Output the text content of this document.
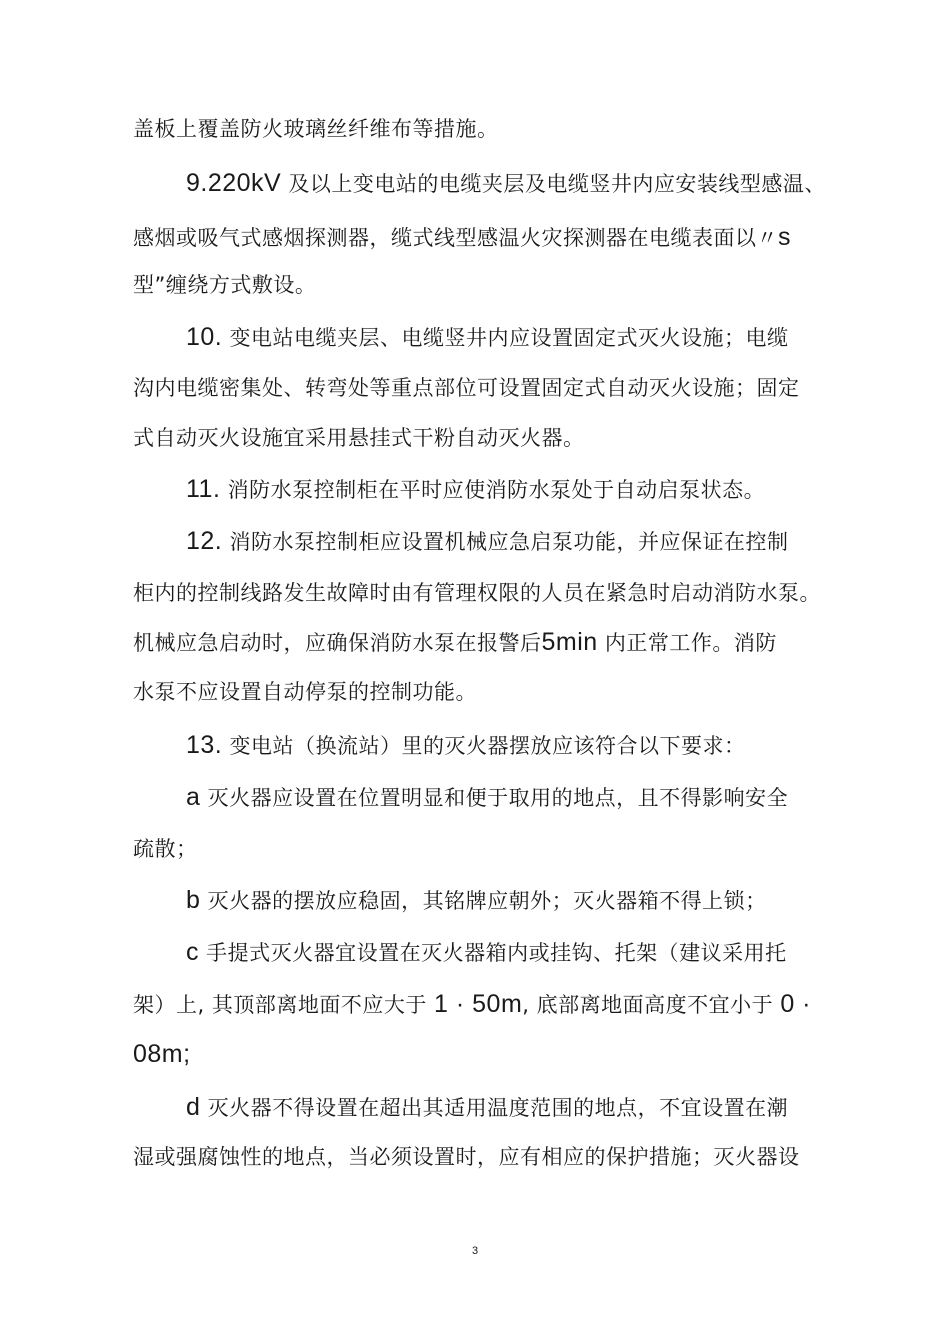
盖板上覆盖防火玻璃丝纤维布等措施。
9.220kV 及以上变电站的电缆夹层及电缆竖井内应安装线型感温、
感烟或吸气式感烟探测器，缆式线型感温火灾探测器在电缆表面以〃s
型”缠绕方式敷设。
10. 变电站电缆夹层、电缆竖井内应设置固定式灭火设施；电缆
沟内电缆密集处、转弯处等重点部位可设置固定式自动灭火设施；固定
式自动灭火设施宜采用悬挂式干粉自动灭火器。
11. 消防水泵控制柜在平时应使消防水泵处于自动启泵状态。
12. 消防水泵控制柜应设置机械应急启泵功能，并应保证在控制
柜内的控制线路发生故障时由有管理权限的人员在紧急时启动消防水泵。
机械应急启动时，应确保消防水泵在报警后5min 内正常工作。消防
水泵不应设置自动停泵的控制功能。
13. 变电站（换流站）里的灭火器摆放应该符合以下要求：
a 灭火器应设置在位置明显和便于取用的地点，且不得影响安全
疏散；
b 灭火器的摆放应稳固，其铭牌应朝外；灭火器箱不得上锁；
c 手提式灭火器宜设置在灭火器箱内或挂钩、托架（建议采用托
架）上, 其顶部离地面不应大于 1 · 50m, 底部离地面高度不宜小于 0 ·
08m;
d 灭火器不得设置在超出其适用温度范围的地点，不宜设置在潮
湿或强腐蚀性的地点，当必须设置时，应有相应的保护措施；灭火器设
3
